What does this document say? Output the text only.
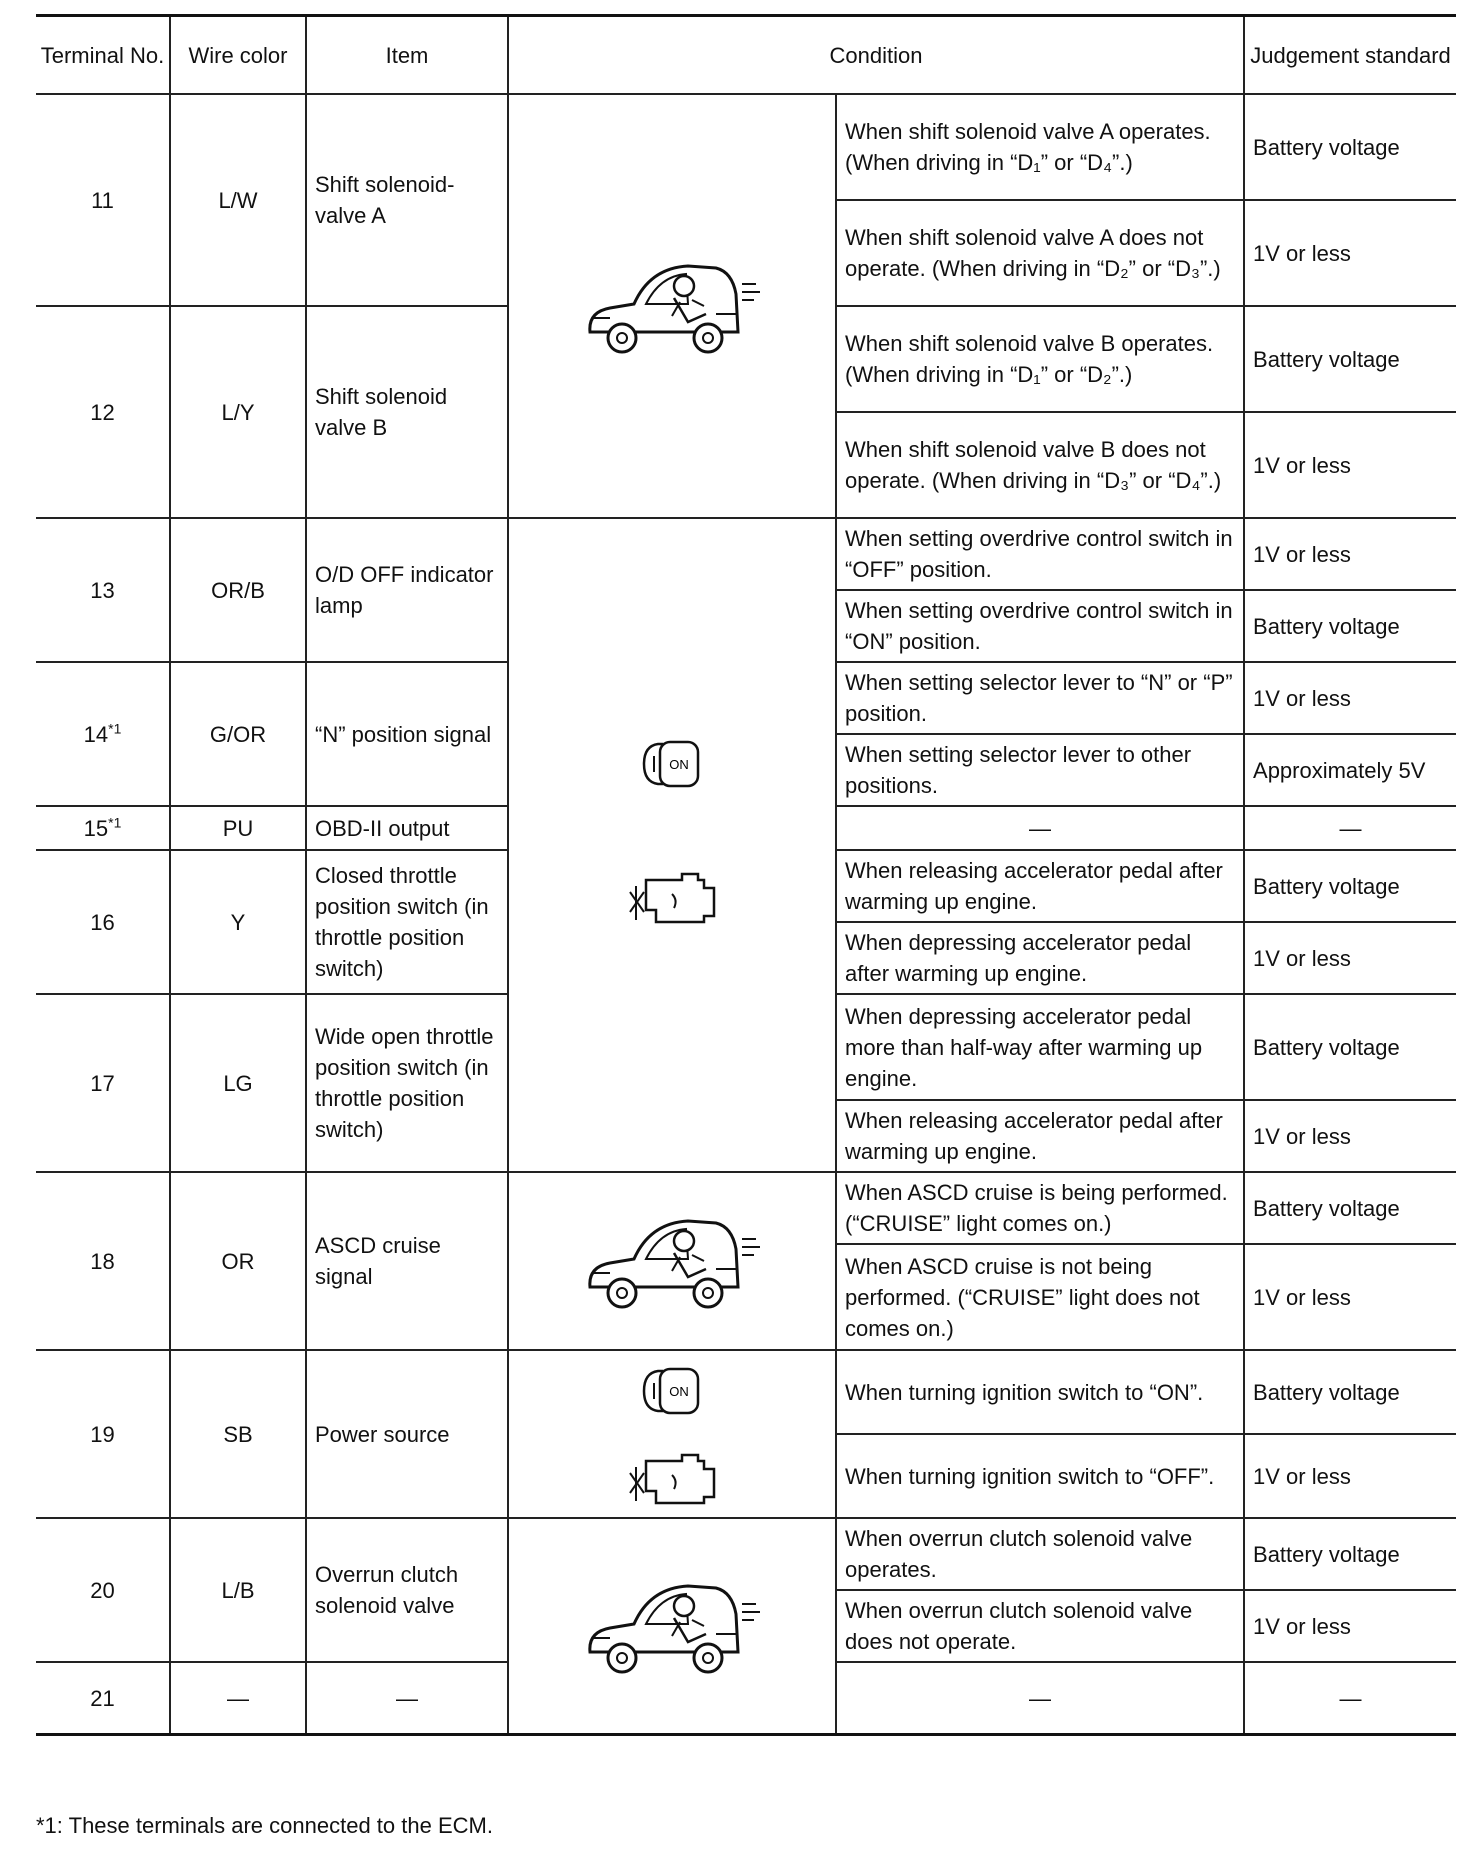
Terminal No.	Wire color	Item	Condition		Judgement standard
11	L/W	Shift solenoid-valve A		When shift solenoid valve A operates. (When driving in “D₁” or “D₄”.)	Battery voltage
				When shift solenoid valve A does not operate. (When driving in “D₂” or “D₃”.)	1V or less
12	L/Y	Shift solenoid valve B		When shift solenoid valve B operates. (When driving in “D₁” or “D₂”.)	Battery voltage
				When shift solenoid valve B does not operate. (When driving in “D₃” or “D₄”.)	1V or less
13	OR/B	O/D OFF indicator lamp	ON	When setting overdrive control switch in “OFF” position.	1V or less
				When setting overdrive control switch in “ON” position.	Battery voltage
14$^{*1}$	G/OR	“N” position signal		When setting selector lever to “N” or “P” position.	1V or less
				When setting selector lever to other positions.	Approximately 5V
15$^{*1}$	PU	OBD-II output		—	—
16	Y	Closed throttle position switch (in throttle position switch)		When releasing accelerator pedal after warming up engine.	Battery voltage
				When depressing accelerator pedal after warming up engine.	1V or less
17	LG	Wide open throttle position switch (in throttle position switch)		When depressing accelerator pedal more than half-way after warming up engine.	Battery voltage
				When releasing accelerator pedal after warming up engine.	1V or less
18	OR	ASCD cruise signal		When ASCD cruise is being performed. (“CRUISE” light comes on.)	Battery voltage
				When ASCD cruise is not being performed. (“CRUISE” light does not comes on.)	1V or less
19	SB	Power source	ON	When turning ignition switch to “ON”.	Battery voltage
				When turning ignition switch to “OFF”.	1V or less
20	L/B	Overrun clutch solenoid valve		When overrun clutch solenoid valve operates.	Battery voltage
				When overrun clutch solenoid valve does not operate.	1V or less
21	—	—		—	—
*1: These terminals are connected to the ECM.
